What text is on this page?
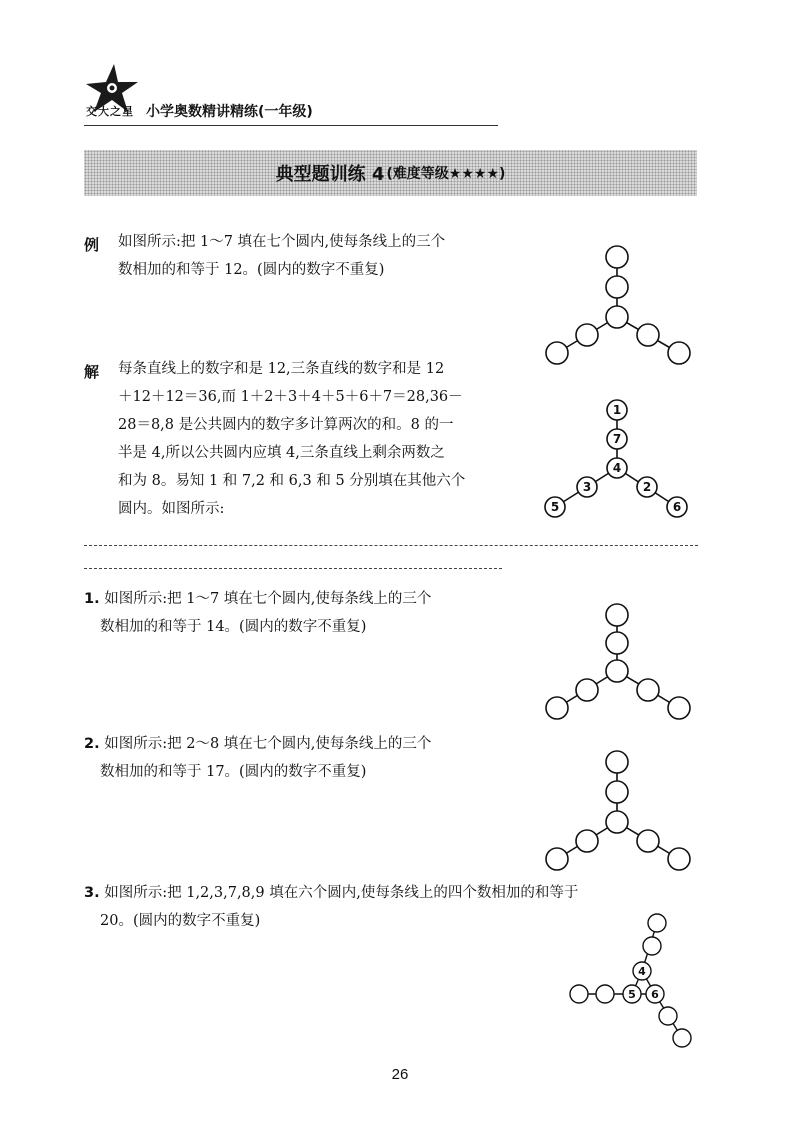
交大之星 小学奥数精讲精练(一年级)
典型题训练 4 (难度等级★★★★)
例 如图所示:把 1～7 填在七个圆内,使每条线上的三个
数相加的和等于 12。(圆内的数字不重复)
解 每条直线上的数字和是 12,三条直线的数字和是 12
＋12＋12＝36,而 1＋2＋3＋4＋5＋6＋7＝28,36－
28＝8,8 是公共圆内的数字多计算两次的和。8 的一
半是 4,所以公共圆内应填 4,三条直线上剩余两数之
和为 8。易知 1 和 7,2 和 6,3 和 5 分别填在其他六个
圆内。如图所示:
1
7
4
3
5
2
6
1. 如图所示:把 1～7 填在七个圆内,使每条线上的三个
数相加的和等于 14。(圆内的数字不重复)
2. 如图所示:把 2～8 填在七个圆内,使每条线上的三个
数相加的和等于 17。(圆内的数字不重复)
3. 如图所示:把 1,2,3,7,8,9 填在六个圆内,使每条线上的四个数相加的和等于
20。(圆内的数字不重复)
4
5 6
26
